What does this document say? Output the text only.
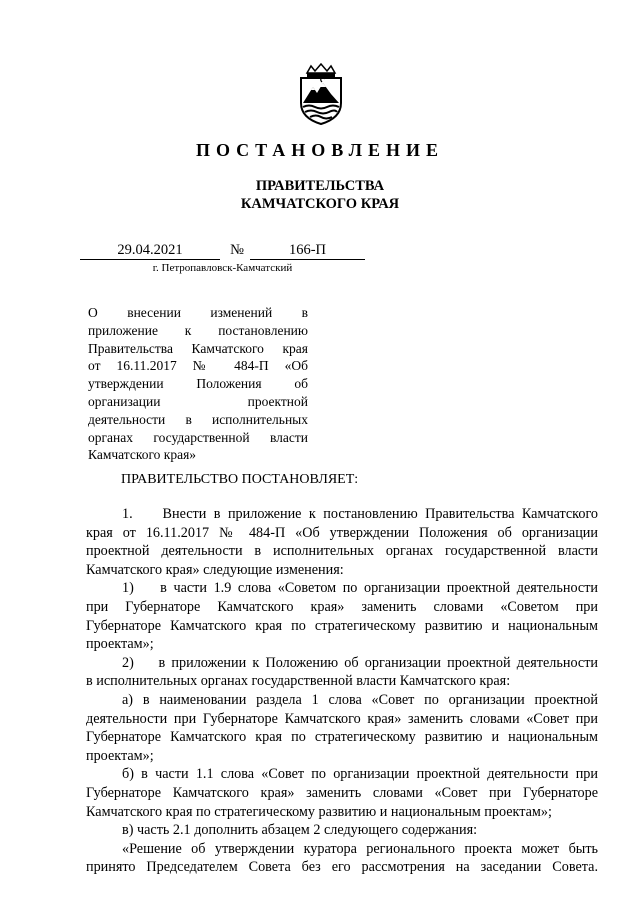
ПОСТАНОВЛЕНИЕ
ПРАВИТЕЛЬСТВА
КАМЧАТСКОГО КРАЯ
29.04.2021	№	166-П
г. Петропавловск-Камчатский
О внесении изменений в
приложение к постановлению
Правительства Камчатского края
от 16.11.2017 № 484-П «Об
утверждении Положения об
организации проектной
деятельности в исполнительных
органах государственной власти
Камчатского края»
ПРАВИТЕЛЬСТВО ПОСТАНОВЛЯЕТ:
1.    Внести в приложение к постановлению Правительства Камчатского
края от 16.11.2017 № 484-П «Об утверждении Положения об организации
проектной деятельности в исполнительных органах государственной власти
Камчатского края» следующие изменения:
1)    в части 1.9 слова «Советом по организации проектной деятельности
при Губернаторе Камчатского края» заменить словами «Советом при
Губернаторе Камчатского края по стратегическому развитию и национальным
проектам»;
2)    в приложении к Положению об организации проектной деятельности
в исполнительных органах государственной власти Камчатского края:
а) в наименовании раздела 1 слова «Совет по организации проектной
деятельности при Губернаторе Камчатского края» заменить словами «Совет при
Губернаторе Камчатского края по стратегическому развитию и национальным
проектам»;
б) в части 1.1 слова «Совет по организации проектной деятельности при
Губернаторе Камчатского края» заменить словами «Совет при Губернаторе
Камчатского края по стратегическому развитию и национальным проектам»;
в) часть 2.1 дополнить абзацем 2 следующего содержания:
«Решение об утверждении куратора регионального проекта может быть
принято Председателем Совета без его рассмотрения на заседании Совета.
